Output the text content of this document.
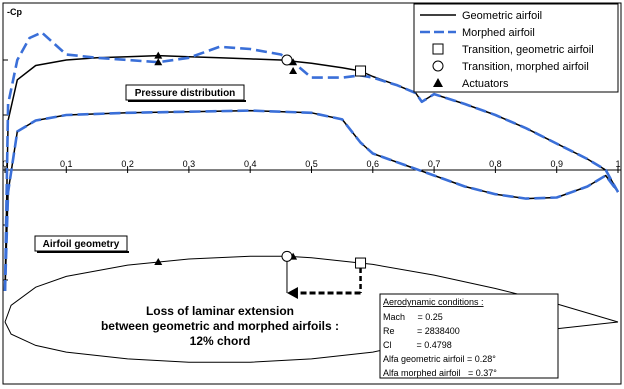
-Cp
0	0.1	0.2	0.3	0.4	0.5	0.6	0.7	0.8	0.9	1
Loss of laminar extension
between geometric and morphed airfoils :
12% chord
Pressure distribution
Airfoil geometry
Geometric airfoil
Morphed airfoil
Transition, geometric airfoil
Transition, morphed airfoil
Actuators
Aerodynamic conditions :
Mach     = 0.25
Re         = 2838400
Cl          = 0.4798
Alfa geometric airfoil = 0.28°
Alfa morphed airfoil   = 0.37°
